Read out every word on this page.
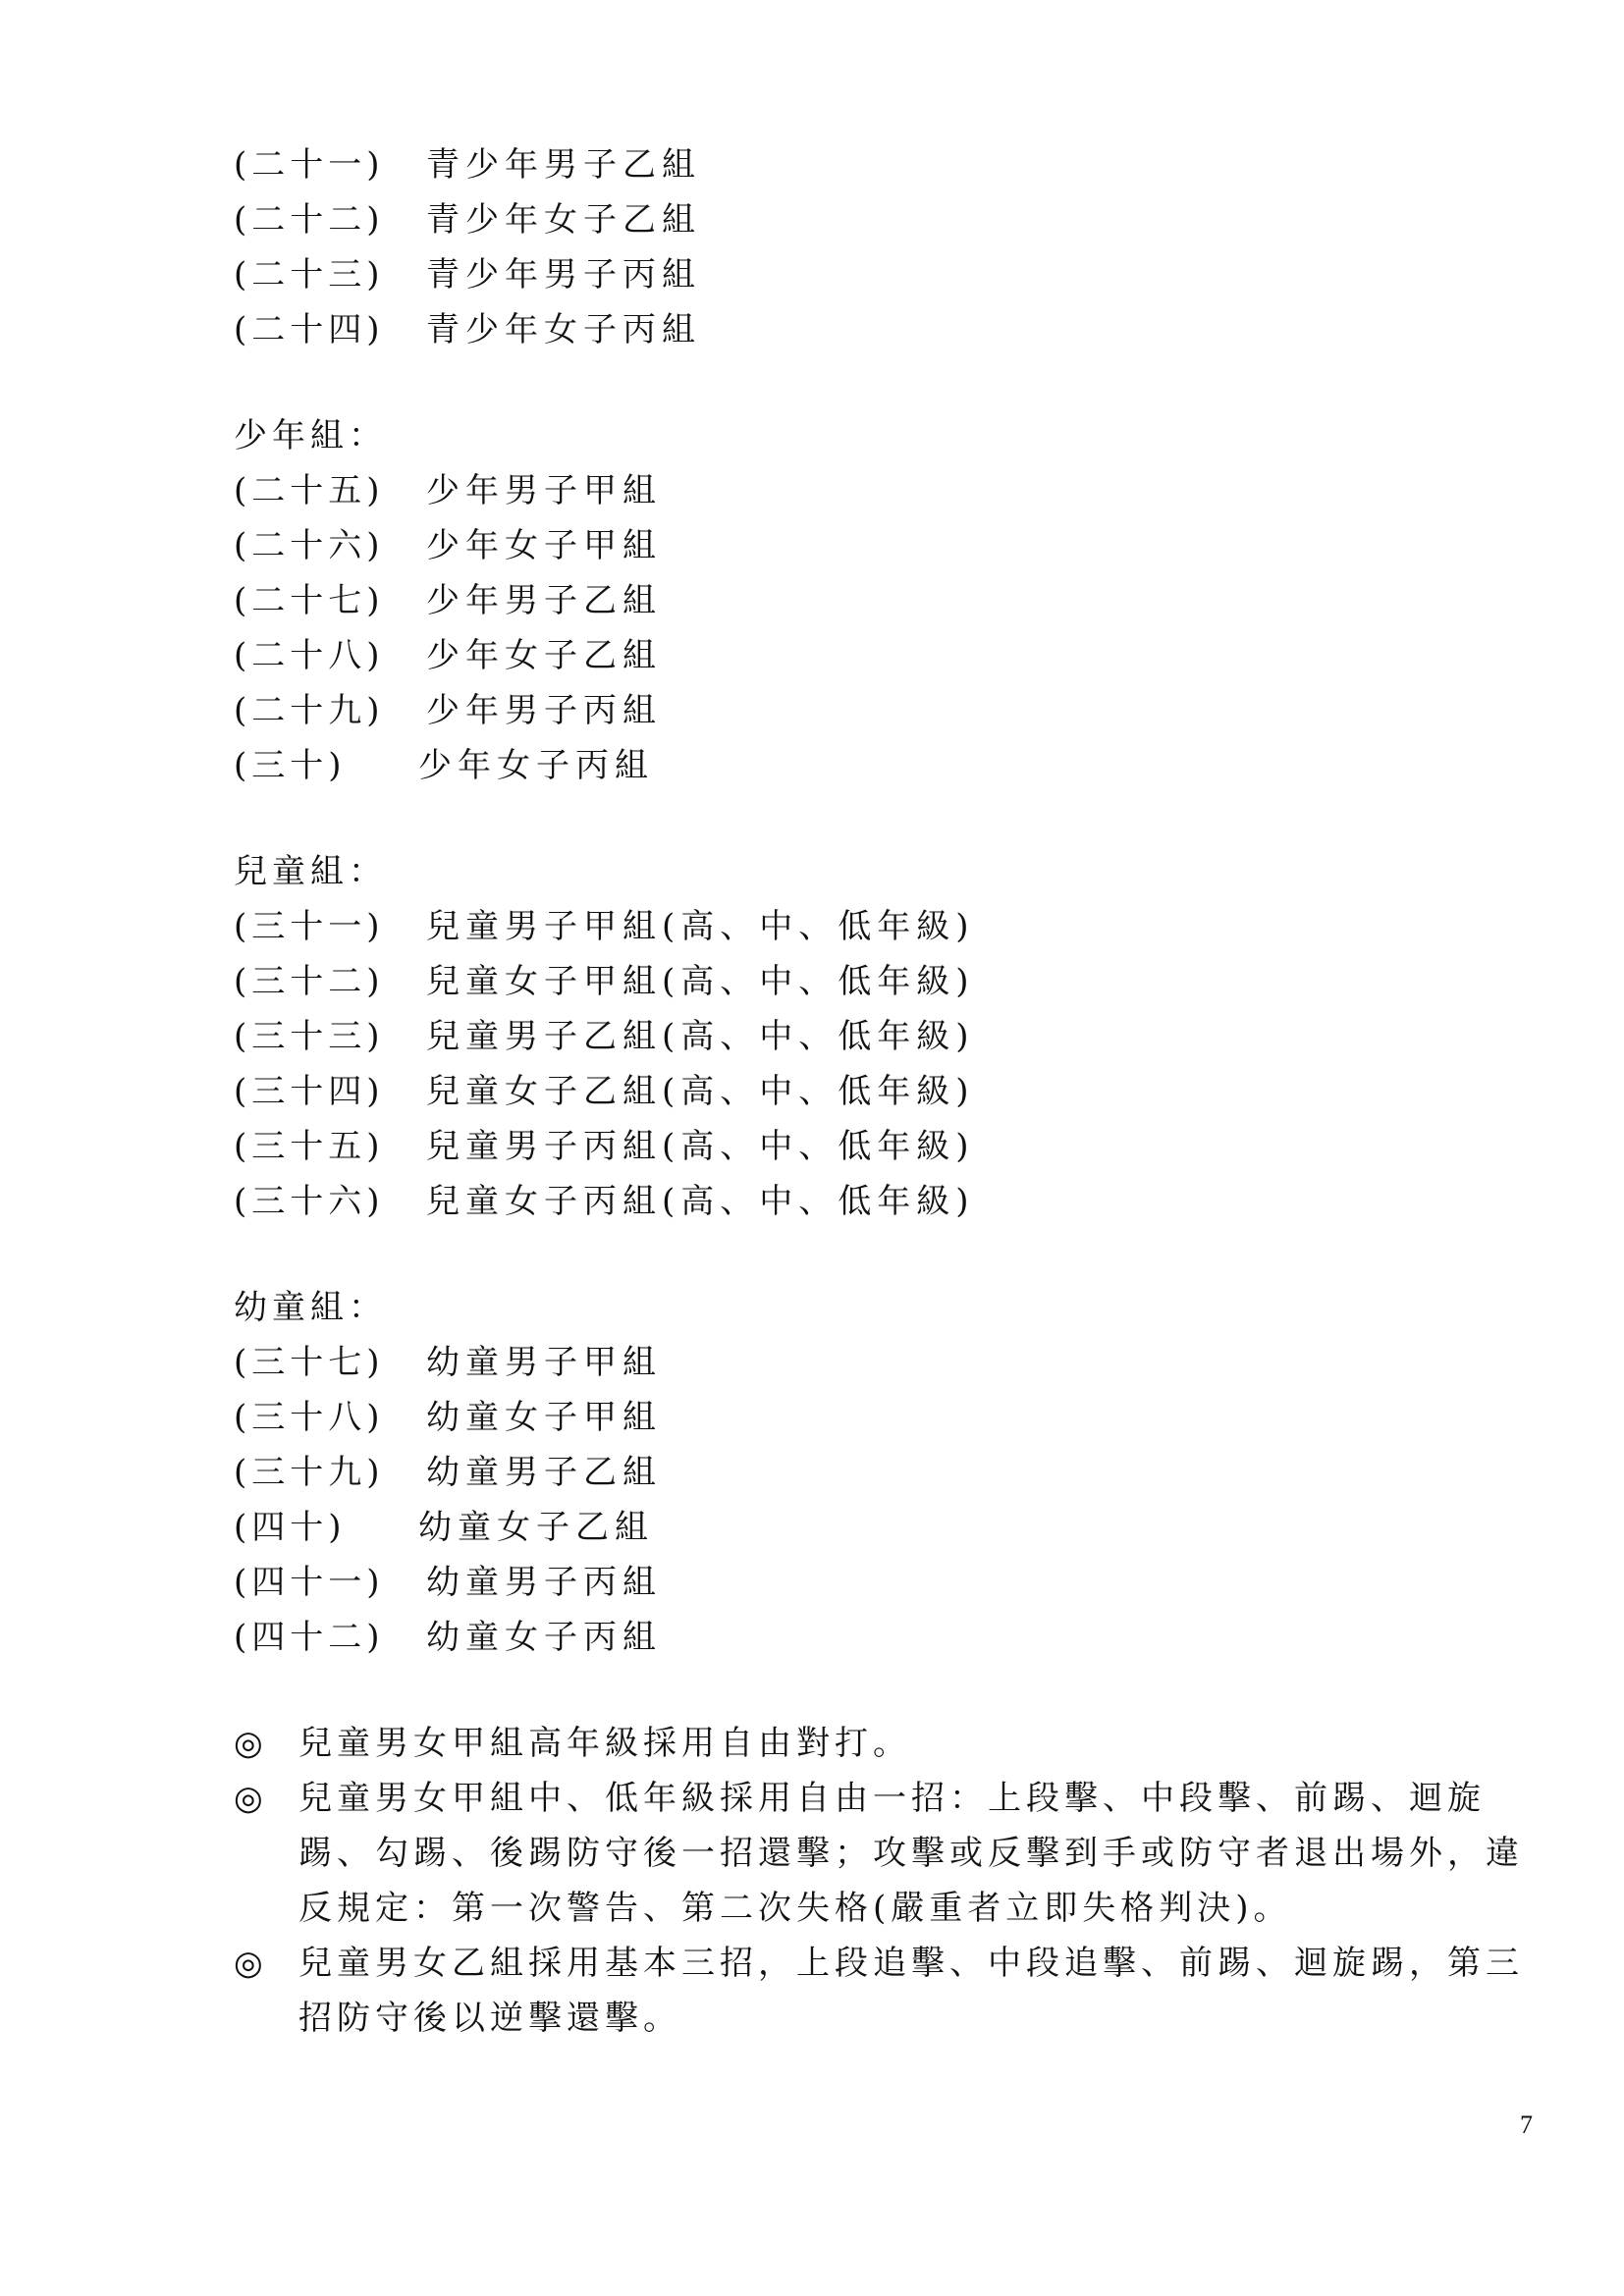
(二十一)	青少年男子乙組
(二十二)	青少年女子乙組
(二十三)	青少年男子丙組
(二十四)	青少年女子丙組
少年組：
(二十五)	少年男子甲組
(二十六)	少年女子甲組
(二十七)	少年男子乙組
(二十八)	少年女子乙組
(二十九)	少年男子丙組
(三十)	少年女子丙組
兒童組：
(三十一)	兒童男子甲組(高、中、低年級)
(三十二)	兒童女子甲組(高、中、低年級)
(三十三)	兒童男子乙組(高、中、低年級)
(三十四)	兒童女子乙組(高、中、低年級)
(三十五)	兒童男子丙組(高、中、低年級)
(三十六)	兒童女子丙組(高、中、低年級)
幼童組：
(三十七)	幼童男子甲組
(三十八)	幼童女子甲組
(三十九)	幼童男子乙組
(四十)	幼童女子乙組
(四十一)	幼童男子丙組
(四十二)	幼童女子丙組
◎	兒童男女甲組高年級採用自由對打。
◎	兒童男女甲組中、低年級採用自由一招：上段擊、中段擊、前踢、迴旋踢、勾踢、後踢防守後一招還擊；攻擊或反擊到手或防守者退出場外，違反規定：第一次警告、第二次失格(嚴重者立即失格判決)。
◎	兒童男女乙組採用基本三招，上段追擊、中段追擊、前踢、迴旋踢，第三招防守後以逆擊還擊。
7
